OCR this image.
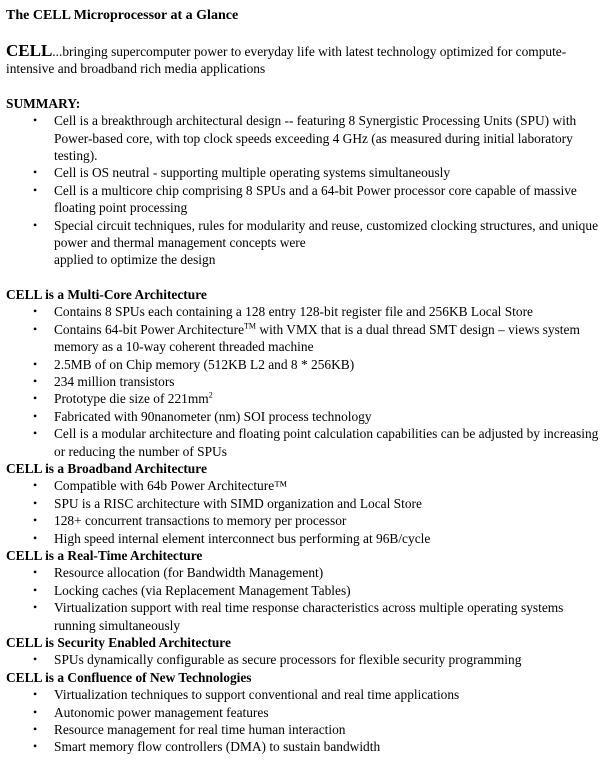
The CELL Microprocessor at a Glance
CELL...bringing supercomputer power to everyday life with latest technology optimized for compute-intensive and broadband rich media applications
SUMMARY:
• Cell is a breakthrough architectural design -- featuring 8 Synergistic Processing Units (SPU) with Power-based core, with top clock speeds exceeding 4 GHz (as measured during initial laboratory testing).
• Cell is OS neutral - supporting multiple operating systems simultaneously
• Cell is a multicore chip comprising 8 SPUs and a 64-bit Power processor core capable of massive floating point processing
• Special circuit techniques, rules for modularity and reuse, customized clocking structures, and unique power and thermal management concepts were
applied to optimize the design
CELL is a Multi-Core Architecture
• Contains 8 SPUs each containing a 128 entry 128-bit register file and 256KB Local Store
• Contains 64-bit Power Architecture™ with VMX that is a dual thread SMT design – views system memory as a 10-way coherent threaded machine
• 2.5MB of on Chip memory (512KB L2 and 8 * 256KB)
• 234 million transistors
• Prototype die size of $221mm^2$
• Fabricated with 90nanometer (nm) SOI process technology
• Cell is a modular architecture and floating point calculation capabilities can be adjusted by increasing or reducing the number of SPUs
CELL is a Broadband Architecture
• Compatible with 64b Power Architecture™
• SPU is a RISC architecture with SIMD organization and Local Store
• 128+ concurrent transactions to memory per processor
• High speed internal element interconnect bus performing at 96B/cycle
CELL is a Real-Time Architecture
• Resource allocation (for Bandwidth Management)
• Locking caches (via Replacement Management Tables)
• Virtualization support with real time response characteristics across multiple operating systems running simultaneously
CELL is Security Enabled Architecture
• SPUs dynamically configurable as secure processors for flexible security programming
CELL is a Confluence of New Technologies
• Virtualization techniques to support conventional and real time applications
• Autonomic power management features
• Resource management for real time human interaction
• Smart memory flow controllers (DMA) to sustain bandwidth
